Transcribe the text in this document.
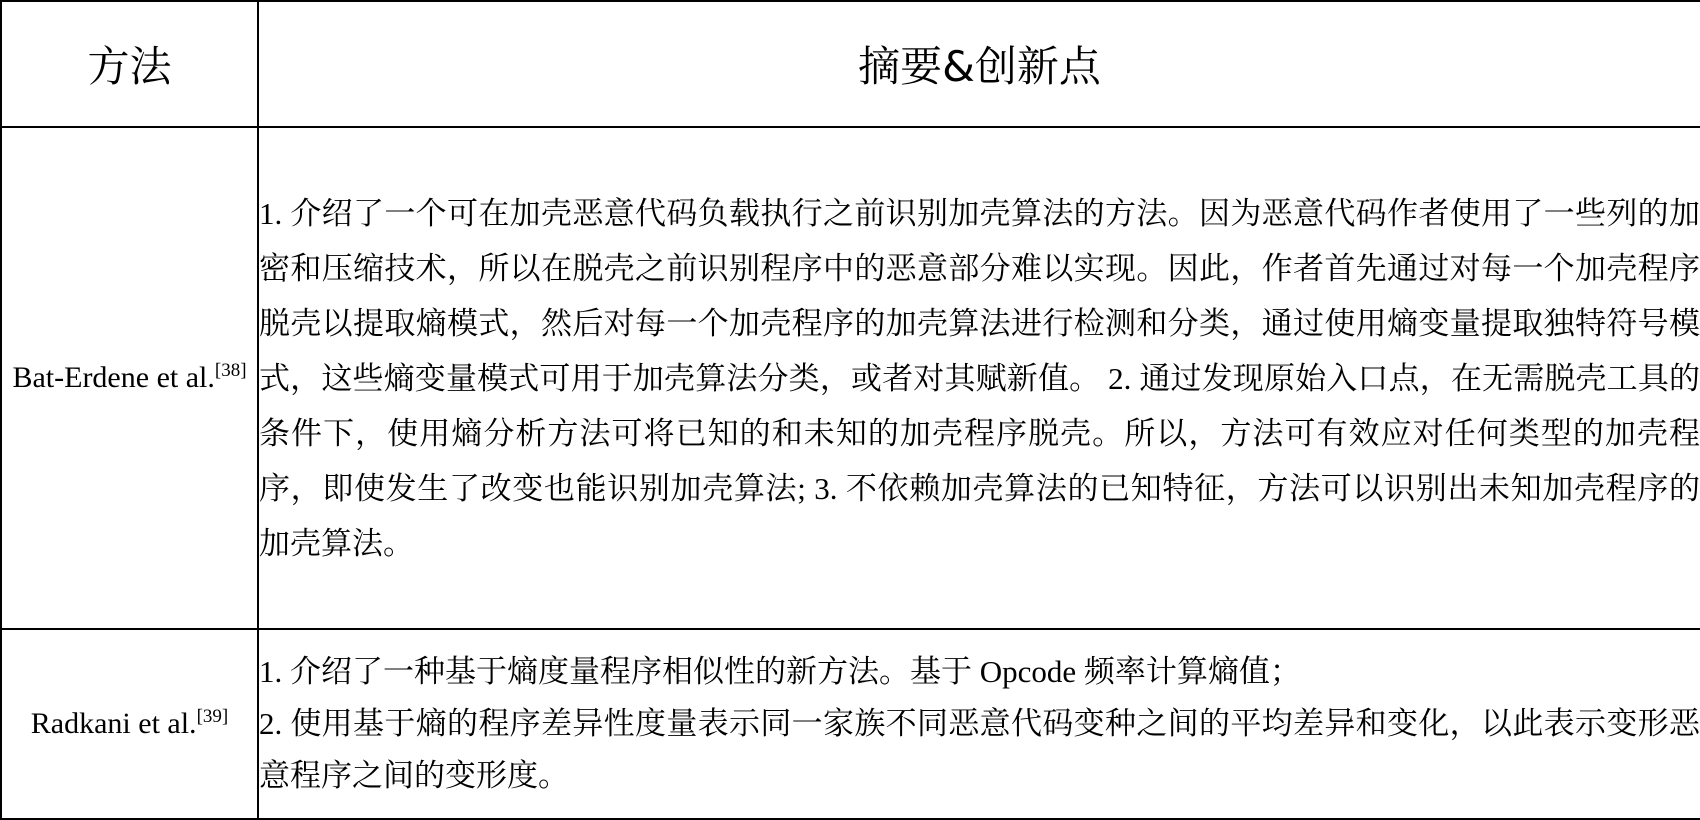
方法	摘要&创新点
Bat-Erdene et al.[38]	1. 介绍了一个可在加壳恶意代码负载执行之前识别加壳算法的方法。因为恶意代码作者使用了一些列的加密和压缩技术，所以在脱壳之前识别程序中的恶意部分难以实现。因此，作者首先通过对每一个加壳程序脱壳以提取熵模式，然后对每一个加壳程序的加壳算法进行检测和分类，通过使用熵变量提取独特符号模式，这些熵变量模式可用于加壳算法分类，或者对其赋新值。 2. 通过发现原始入口点，在无需脱壳工具的条件下，使用熵分析方法可将已知的和未知的加壳程序脱壳。所以，方法可有效应对任何类型的加壳程序，即使发生了改变也能识别加壳算法; 3. 不依赖加壳算法的已知特征，方法可以识别出未知加壳程序的加壳算法。
Radkani et al.[39]	1. 介绍了一种基于熵度量程序相似性的新方法。基于 Opcode 频率计算熵值；
2. 使用基于熵的程序差异性度量表示同一家族不同恶意代码变种之间的平均差异和变化，以此表示变形恶意程序之间的变形度。
